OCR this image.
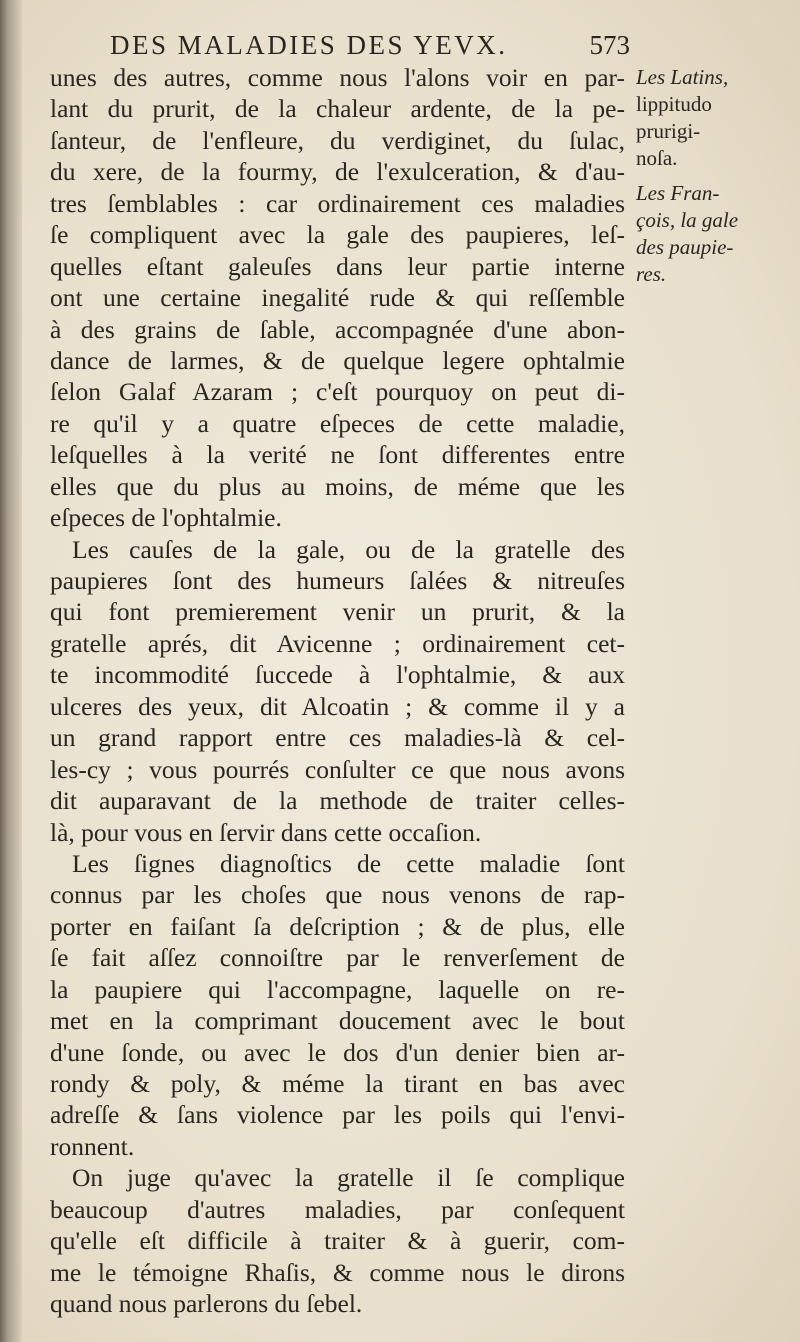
DES MALADIES DES YEVX.	573
unes des autres, comme nous l'alons voir en par-
lant du prurit, de la chaleur ardente, de la pe-
ſanteur, de l'enfleure, du verdiginet, du ſulac,
du xere, de la fourmy, de l'exulceration, & d'au-
tres ſemblables : car ordinairement ces maladies
ſe compliquent avec la gale des paupieres, leſ-
quelles eſtant galeuſes dans leur partie interne
ont une certaine inegalité rude & qui reſſemble
à des grains de ſable, accompagnée d'une abon-
dance de larmes, & de quelque legere ophtalmie
ſelon Galaf Azaram ; c'eſt pourquoy on peut di-
re qu'il y a quatre eſpeces de cette maladie,
leſquelles à la verité ne ſont differentes entre
elles que du plus au moins, de méme que les
eſpeces de l'ophtalmie.
Les cauſes de la gale, ou de la gratelle des
paupieres ſont des humeurs ſalées & nitreuſes
qui font premierement venir un prurit, & la
gratelle aprés, dit Avicenne ; ordinairement cet-
te incommodité ſuccede à l'ophtalmie, & aux
ulceres des yeux, dit Alcoatin ; & comme il y a
un grand rapport entre ces maladies-là & cel-
les-cy ; vous pourrés conſulter ce que nous avons
dit auparavant de la methode de traiter celles-
là, pour vous en ſervir dans cette occaſion.
Les ſignes diagnoſtics de cette maladie ſont
connus par les choſes que nous venons de rap-
porter en faiſant ſa deſcription ; & de plus, elle
ſe fait aſſez connoiſtre par le renverſement de
la paupiere qui l'accompagne, laquelle on re-
met en la comprimant doucement avec le bout
d'une ſonde, ou avec le dos d'un denier bien ar-
rondy & poly, & méme la tirant en bas avec
adreſſe & ſans violence par les poils qui l'envi-
ronnent.
On juge qu'avec la gratelle il ſe complique
beaucoup d'autres maladies, par conſequent
qu'elle eſt difficile à traiter & à guerir, com-
me le témoigne Rhaſis, & comme nous le dirons
quand nous parlerons du ſebel.
Les Latins,
lippitudo
prurigi-
noſa.
Les Fran-
çois, la gale
des paupie-
res.
